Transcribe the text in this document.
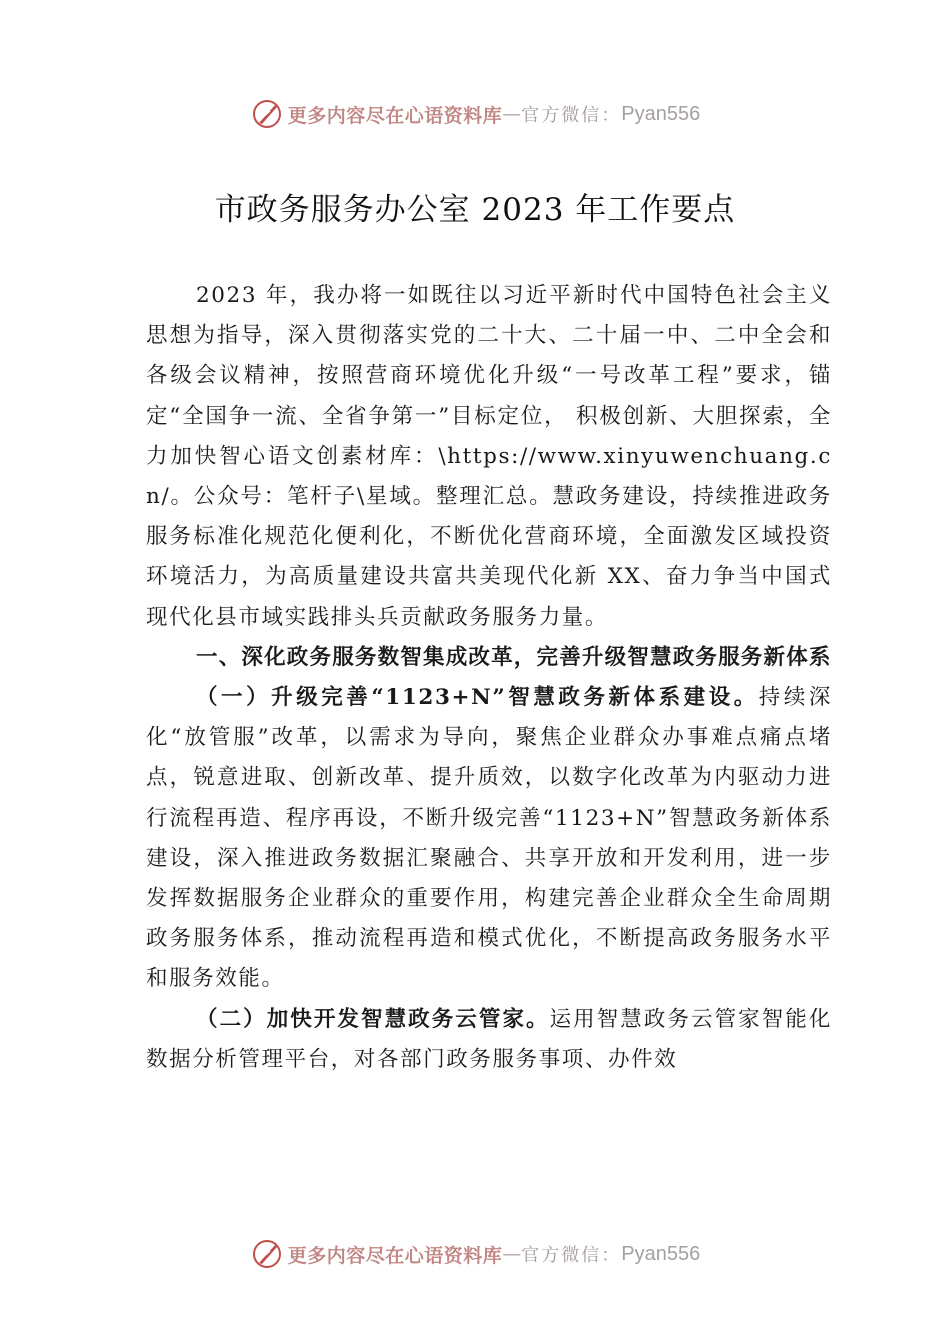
更多内容尽在心语资料库 — 官方微信： Pyan556
市政务服务办公室 2023 年工作要点

2023 年，我办将一如既往以习近平新时代中国特色社会主义思想为指导，深入贯彻落实党的二十大、二十届一中、二中全会和各级会议精神，按照营商环境优化升级“一号改革工程”要求，锚定“全国争一流、全省争第一”目标定位， 积极创新、大胆探索，全力加快智心语文创素材库：\https://www.xinyuwenchuang.cn/。公众号：笔杆子\星域。整理汇总。慧政务建设，持续推进政务服务标准化规范化便利化，不断优化营商环境，全面激发区域投资环境活力，为高质量建设共富共美现代化新 XX、奋力争当中国式现代化县市域实践排头兵贡献政务服务力量。

一、深化政务服务数智集成改革，完善升级智慧政务服务新体系

（一）升级完善“1123+N”智慧政务新体系建设。持续深化“放管服”改革，以需求为导向，聚焦企业群众办事难点痛点堵点，锐意进取、创新改革、提升质效，以数字化改革为内驱动力进行流程再造、程序再设，不断升级完善“1123+N”智慧政务新体系建设，深入推进政务数据汇聚融合、共享开放和开发利用，进一步发挥数据服务企业群众的重要作用，构建完善企业群众全生命周期政务服务体系，推动流程再造和模式优化，不断提高政务服务水平和服务效能。

（二）加快开发智慧政务云管家。运用智慧政务云管家智能化数据分析管理平台，对各部门政务服务事项、办件效

更多内容尽在心语资料库 — 官方微信： Pyan556
